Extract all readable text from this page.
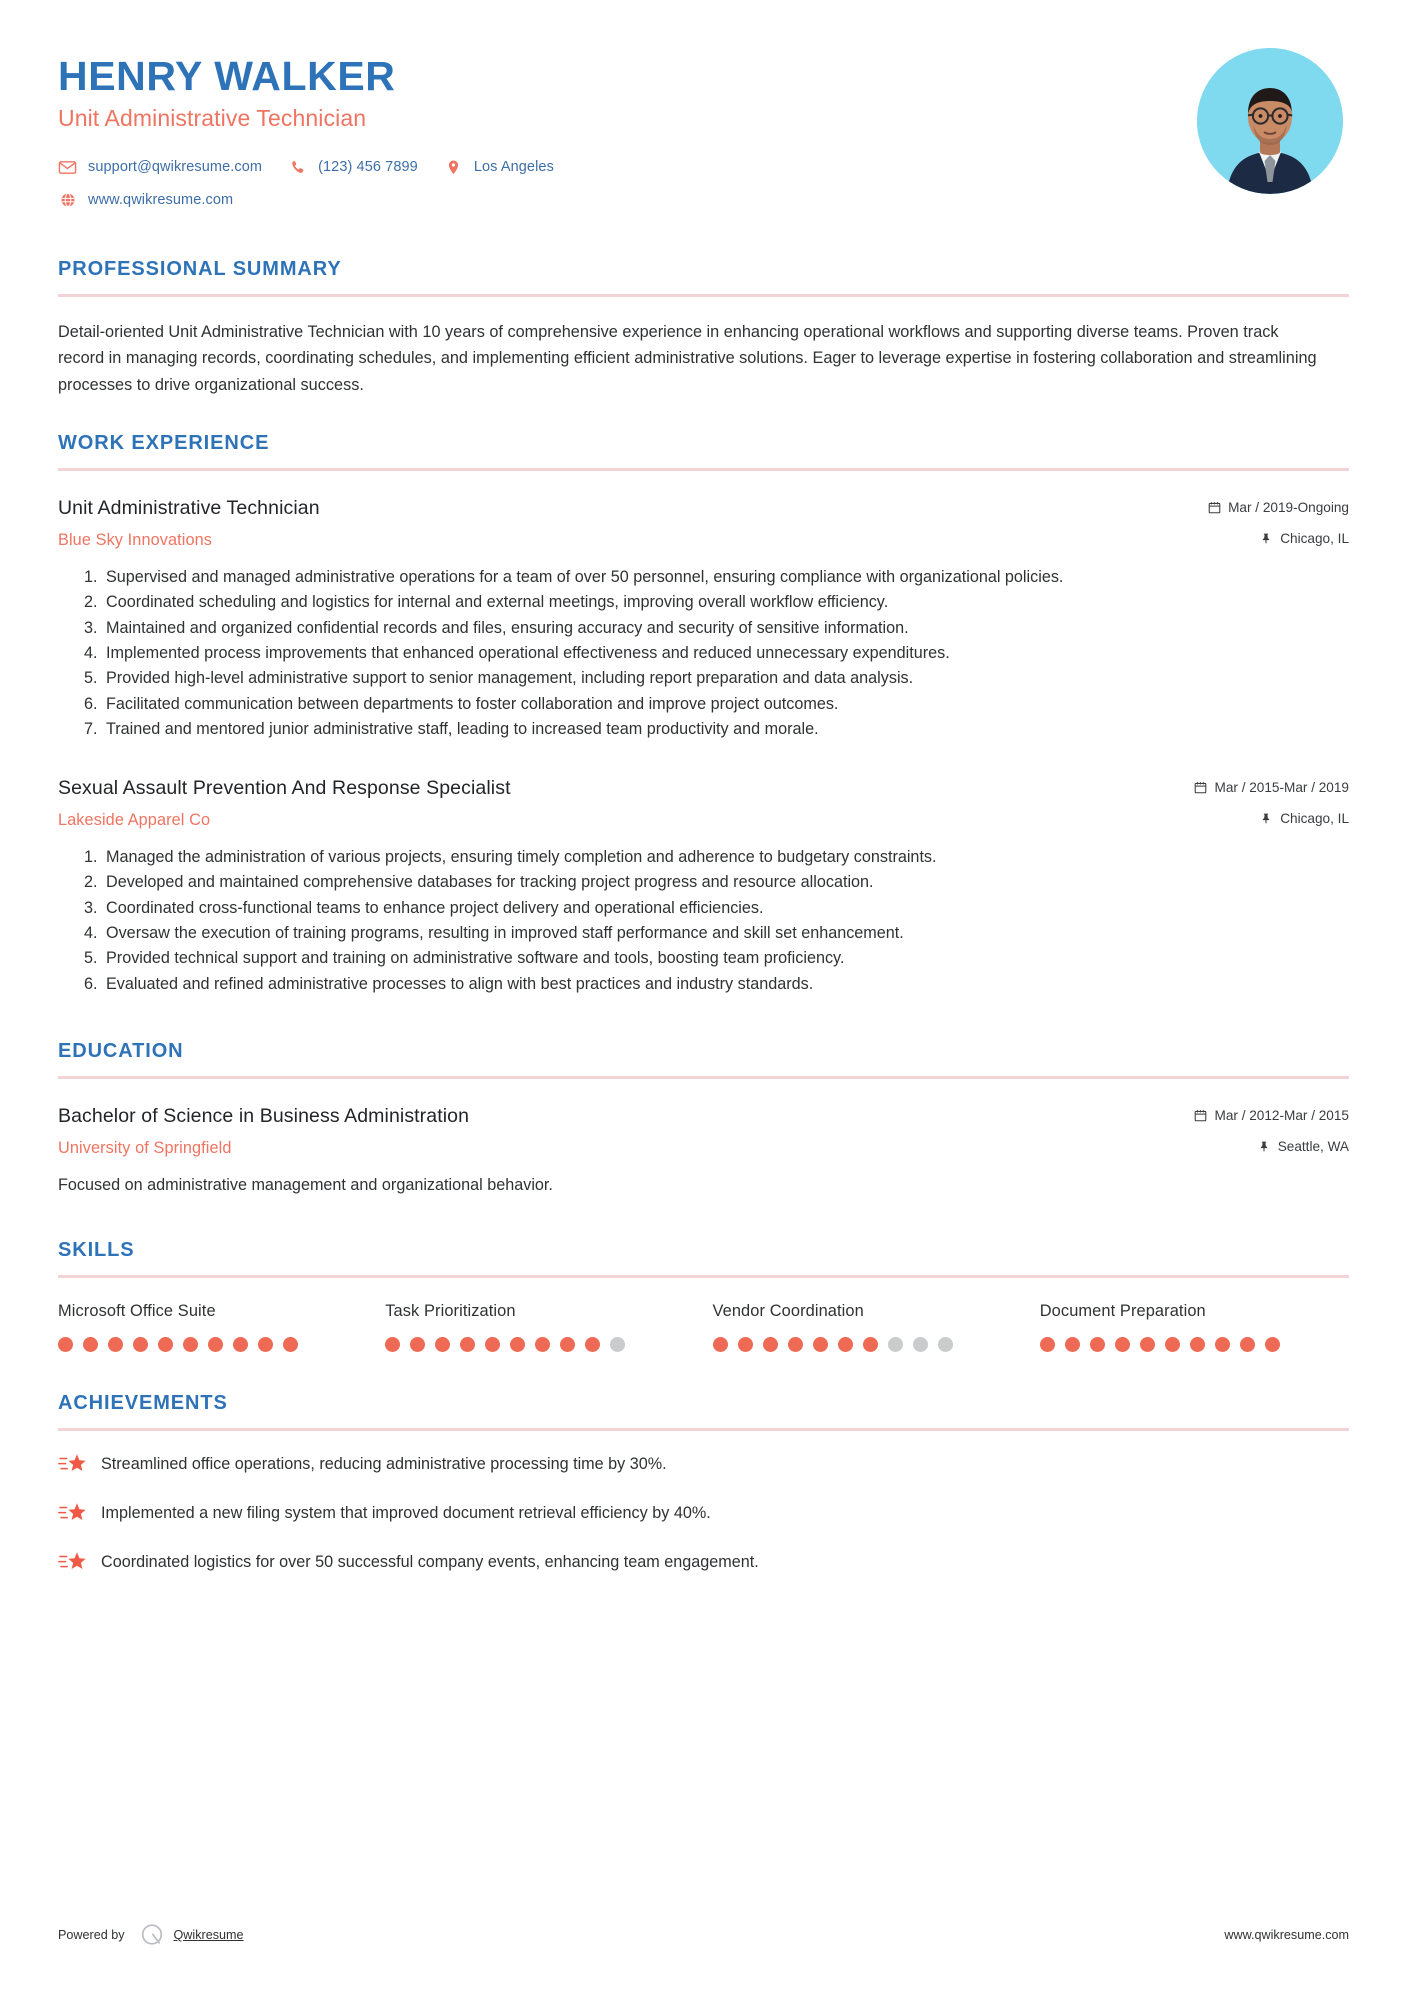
HENRY WALKER
Unit Administrative Technician
support@qwikresume.com	(123) 456 7899	Los Angeles
www.qwikresume.com
PROFESSIONAL SUMMARY

Detail-oriented Unit Administrative Technician with 10 years of comprehensive experience in enhancing operational workflows and supporting diverse teams. Proven track record in managing records, coordinating schedules, and implementing efficient administrative solutions. Eager to leverage expertise in fostering collaboration and streamlining processes to drive organizational success.

WORK EXPERIENCE
Unit Administrative Technician	Mar / 2019-Ongoing
Blue Sky Innovations	Chicago, IL
1. Supervised and managed administrative operations for a team of over 50 personnel, ensuring compliance with organizational policies.
2. Coordinated scheduling and logistics for internal and external meetings, improving overall workflow efficiency.
3. Maintained and organized confidential records and files, ensuring accuracy and security of sensitive information.
4. Implemented process improvements that enhanced operational effectiveness and reduced unnecessary expenditures.
5. Provided high-level administrative support to senior management, including report preparation and data analysis.
6. Facilitated communication between departments to foster collaboration and improve project outcomes.
7. Trained and mentored junior administrative staff, leading to increased team productivity and morale.
Sexual Assault Prevention And Response Specialist	Mar / 2015-Mar / 2019
Lakeside Apparel Co	Chicago, IL
1. Managed the administration of various projects, ensuring timely completion and adherence to budgetary constraints.
2. Developed and maintained comprehensive databases for tracking project progress and resource allocation.
3. Coordinated cross-functional teams to enhance project delivery and operational efficiencies.
4. Oversaw the execution of training programs, resulting in improved staff performance and skill set enhancement.
5. Provided technical support and training on administrative software and tools, boosting team proficiency.
6. Evaluated and refined administrative processes to align with best practices and industry standards.
EDUCATION
Bachelor of Science in Business Administration	Mar / 2012-Mar / 2015
University of Springfield	Seattle, WA
Focused on administrative management and organizational behavior.
SKILLS
Microsoft Office Suite	Task Prioritization	Vendor Coordination	Document Preparation
ACHIEVEMENTS
Streamlined office operations, reducing administrative processing time by 30%.
Implemented a new filing system that improved document retrieval efficiency by 40%.
Coordinated logistics for over 50 successful company events, enhancing team engagement.
Powered by	Qwikresume	www.qwikresume.com
